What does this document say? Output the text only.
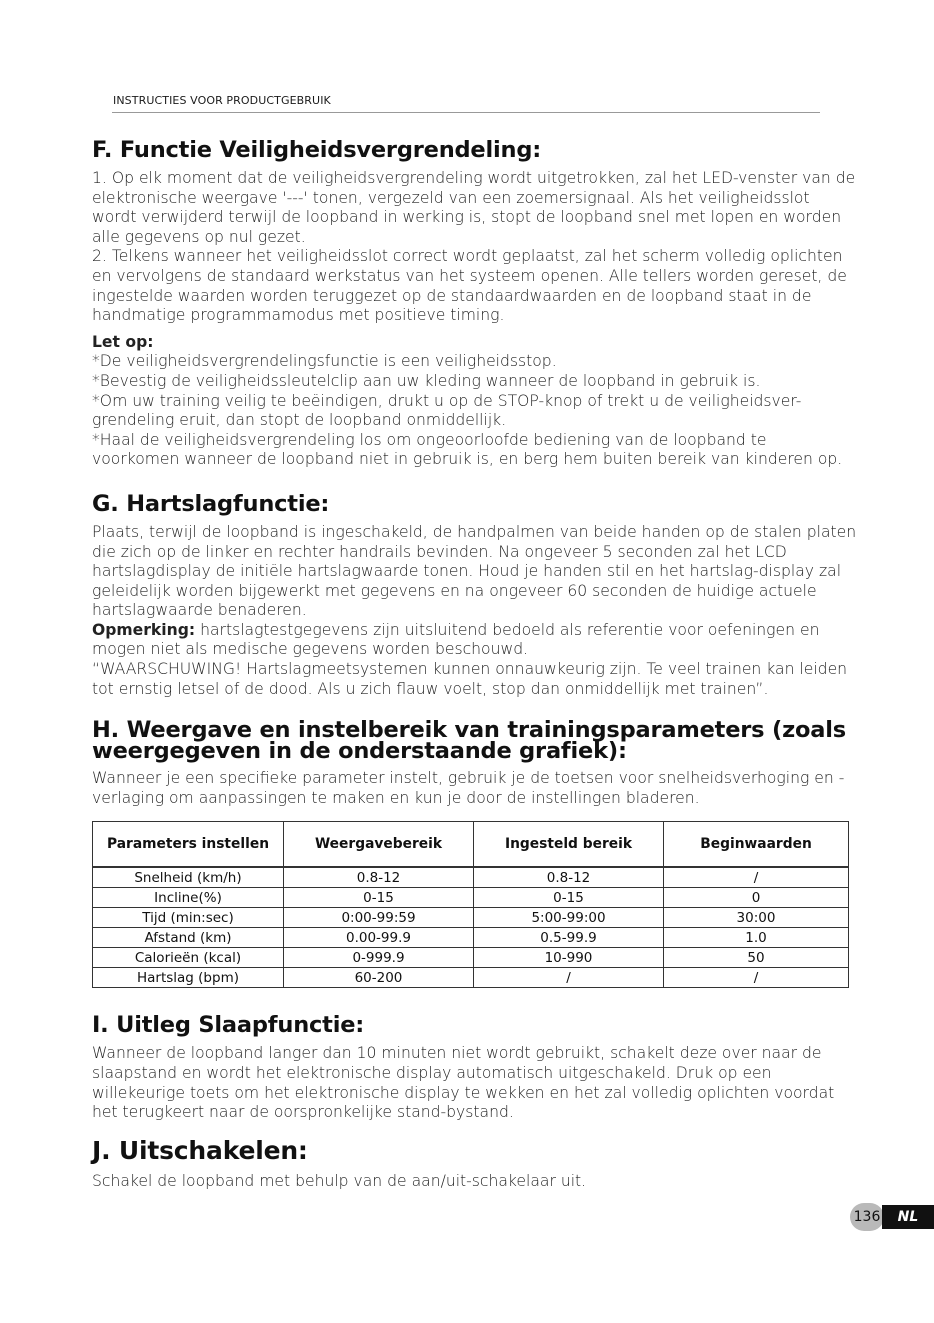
INSTRUCTIES VOOR PRODUCTGEBRUIK
F. Functie Veiligheidsvergrendeling:

1. Op elk moment dat de veiligheidsvergrendeling wordt uitgetrokken, zal het LED-venster van de elektronische weergave '---' tonen, vergezeld van een zoemersignaal. Als het veiligheidsslot wordt verwijderd terwijl de loopband in werking is, stopt de loopband snel met lopen en worden alle gegevens op nul gezet.

2. Telkens wanneer het veiligheidsslot correct wordt geplaatst, zal het scherm volledig oplichten en vervolgens de standaard werkstatus van het systeem openen. Alle tellers worden gereset, de ingestelde waarden worden teruggezet op de standaardwaarden en de loopband staat in de handmatige programmamodus met positieve timing.

Let op:

*De veiligheidsvergrendelingsfunctie is een veiligheidsstop.

*Bevestig de veiligheidssleutelclip aan uw kleding wanneer de loopband in gebruik is.

*Om uw training veilig te beëindigen, drukt u op de STOP-knop of trekt u de veiligheidsver-grendeling eruit, dan stopt de loopband onmiddellijk.

*Haal de veiligheidsvergrendeling los om ongeoorloofde bediening van de loopband te voorkomen wanneer de loopband niet in gebruik is, en berg hem buiten bereik van kinderen op.

G. Hartslagfunctie:

Plaats, terwijl de loopband is ingeschakeld, de handpalmen van beide handen op de stalen platen die zich op de linker en rechter handrails bevinden. Na ongeveer 5 seconden zal het LCD hartslagdisplay de initiële hartslagwaarde tonen. Houd je handen stil en het hartslag-display zal geleidelijk worden bijgewerkt met gegevens en na ongeveer 60 seconden de huidige actuele hartslagwaarde benaderen.

Opmerking: hartslagtestgegevens zijn uitsluitend bedoeld als referentie voor oefeningen en mogen niet als medische gegevens worden beschouwd.

“WAARSCHUWING! Hartslagmeetsystemen kunnen onnauwkeurig zijn. Te veel trainen kan leiden tot ernstig letsel of de dood. Als u zich flauw voelt, stop dan onmiddellijk met trainen”.

H. Weergave en instelbereik van trainingsparameters (zoals
weergegeven in de onderstaande grafiek):

Wanneer je een specifieke parameter instelt, gebruik je de toetsen voor snelheidsverhoging en -verlaging om aanpassingen te maken en kun je door de instellingen bladeren.

Parameters instellen	Weergavebereik	Ingesteld bereik	Beginwaarden
Snelheid (km/h)	0.8-12	0.8-12	/
Incline(%)	0-15	0-15	0
Tijd (min:sec)	0:00-99:59	5:00-99:00	30:00
Afstand (km)	0.00-99.9	0.5-99.9	1.0
Calorieën (kcal)	0-999.9	10-990	50
Hartslag (bpm)	60-200	/	/
I. Uitleg Slaapfunctie:

Wanneer de loopband langer dan 10 minuten niet wordt gebruikt, schakelt deze over naar de slaapstand en wordt het elektronische display automatisch uitgeschakeld. Druk op een willekeurige toets om het elektronische display te wekken en het zal volledig oplichten voordat het terugkeert naar de oorspronkelijke stand-bystand.

J. Uitschakelen:

Schakel de loopband met behulp van de aan/uit-schakelaar uit.

136	NL
